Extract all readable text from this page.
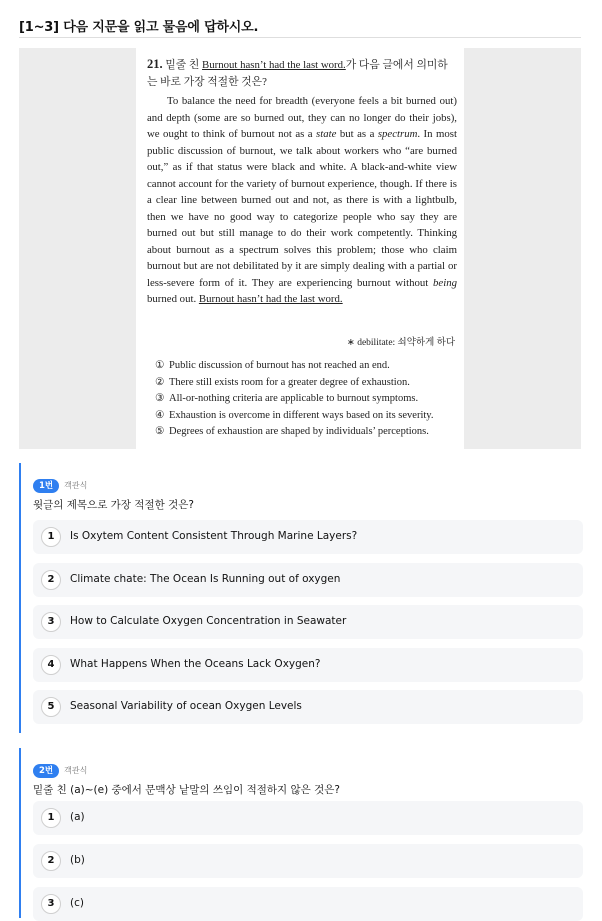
[1~3] 다음 지문을 읽고 물음에 답하시오.
21. 밑줄 친 Burnout hasn’t had the last word.가 다음 글에서 의미하는 바로 가장 적절한 것은?
To balance the need for breadth (everyone feels a bit burned out) and depth (some are so burned out, they can no longer do their jobs), we ought to think of burnout not as a state but as a spectrum. In most public discussion of burnout, we talk about workers who “are burned out,” as if that status were black and white. A black-and-white view cannot account for the variety of burnout experience, though. If there is a clear line between burned out and not, as there is with a lightbulb, then we have no good way to categorize people who say they are burned out but still manage to do their work competently. Thinking about burnout as a spectrum solves this problem; those who claim burnout but are not debilitated by it are simply dealing with a partial or less-severe form of it. They are experiencing burnout without being burned out. Burnout hasn’t had the last word.
∗ debilitate: 쇠약하게 하다
① Public discussion of burnout has not reached an end.
② There still exists room for a greater degree of exhaustion.
③ All-or-nothing criteria are applicable to burnout symptoms.
④ Exhaustion is overcome in different ways based on its severity.
⑤ Degrees of exhaustion are shaped by individuals’ perceptions.
1번 객관식
윗글의 제목으로 가장 적절한 것은?
1	Is Oxytem Content Consistent Through Marine Layers?
2	Climate chate: The Ocean Is Running out of oxygen
3	How to Calculate Oxygen Concentration in Seawater
4	What Happens When the Oceans Lack Oxygen?
5	Seasonal Variability of ocean Oxygen Levels
2번 객관식
밑줄 친 (a)~(e) 중에서 문맥상 낱말의 쓰임이 적절하지 않은 것은?
1	(a)
2	(b)
3	(c)
